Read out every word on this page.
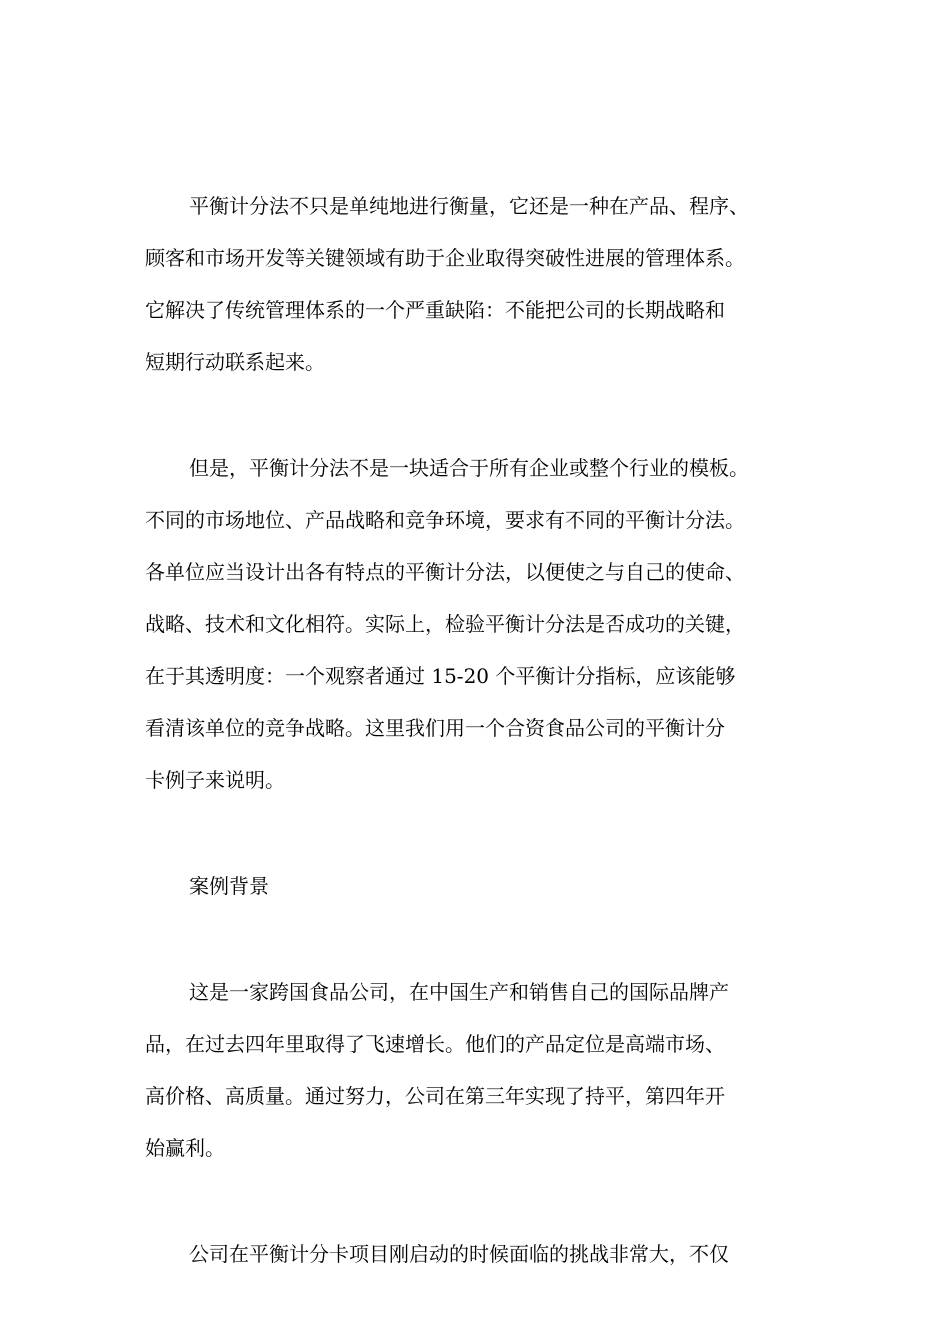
平衡计分法不只是单纯地进行衡量，它还是一种在产品、程序、
顾客和市场开发等关键领域有助于企业取得突破性进展的管理体系。
它解决了传统管理体系的一个严重缺陷：不能把公司的长期战略和
短期行动联系起来。

但是，平衡计分法不是一块适合于所有企业或整个行业的模板。
不同的市场地位、产品战略和竞争环境，要求有不同的平衡计分法。
各单位应当设计出各有特点的平衡计分法，以便使之与自己的使命、
战略、技术和文化相符。实际上，检验平衡计分法是否成功的关键，
在于其透明度：一个观察者通过 15-20 个平衡计分指标，应该能够
看清该单位的竞争战略。这里我们用一个合资食品公司的平衡计分
卡例子来说明。

案例背景

这是一家跨国食品公司，在中国生产和销售自己的国际品牌产
品，在过去四年里取得了飞速增长。他们的产品定位是高端市场、
高价格、高质量。通过努力，公司在第三年实现了持平，第四年开
始赢利。

公司在平衡计分卡项目刚启动的时候面临的挑战非常大，不仅
